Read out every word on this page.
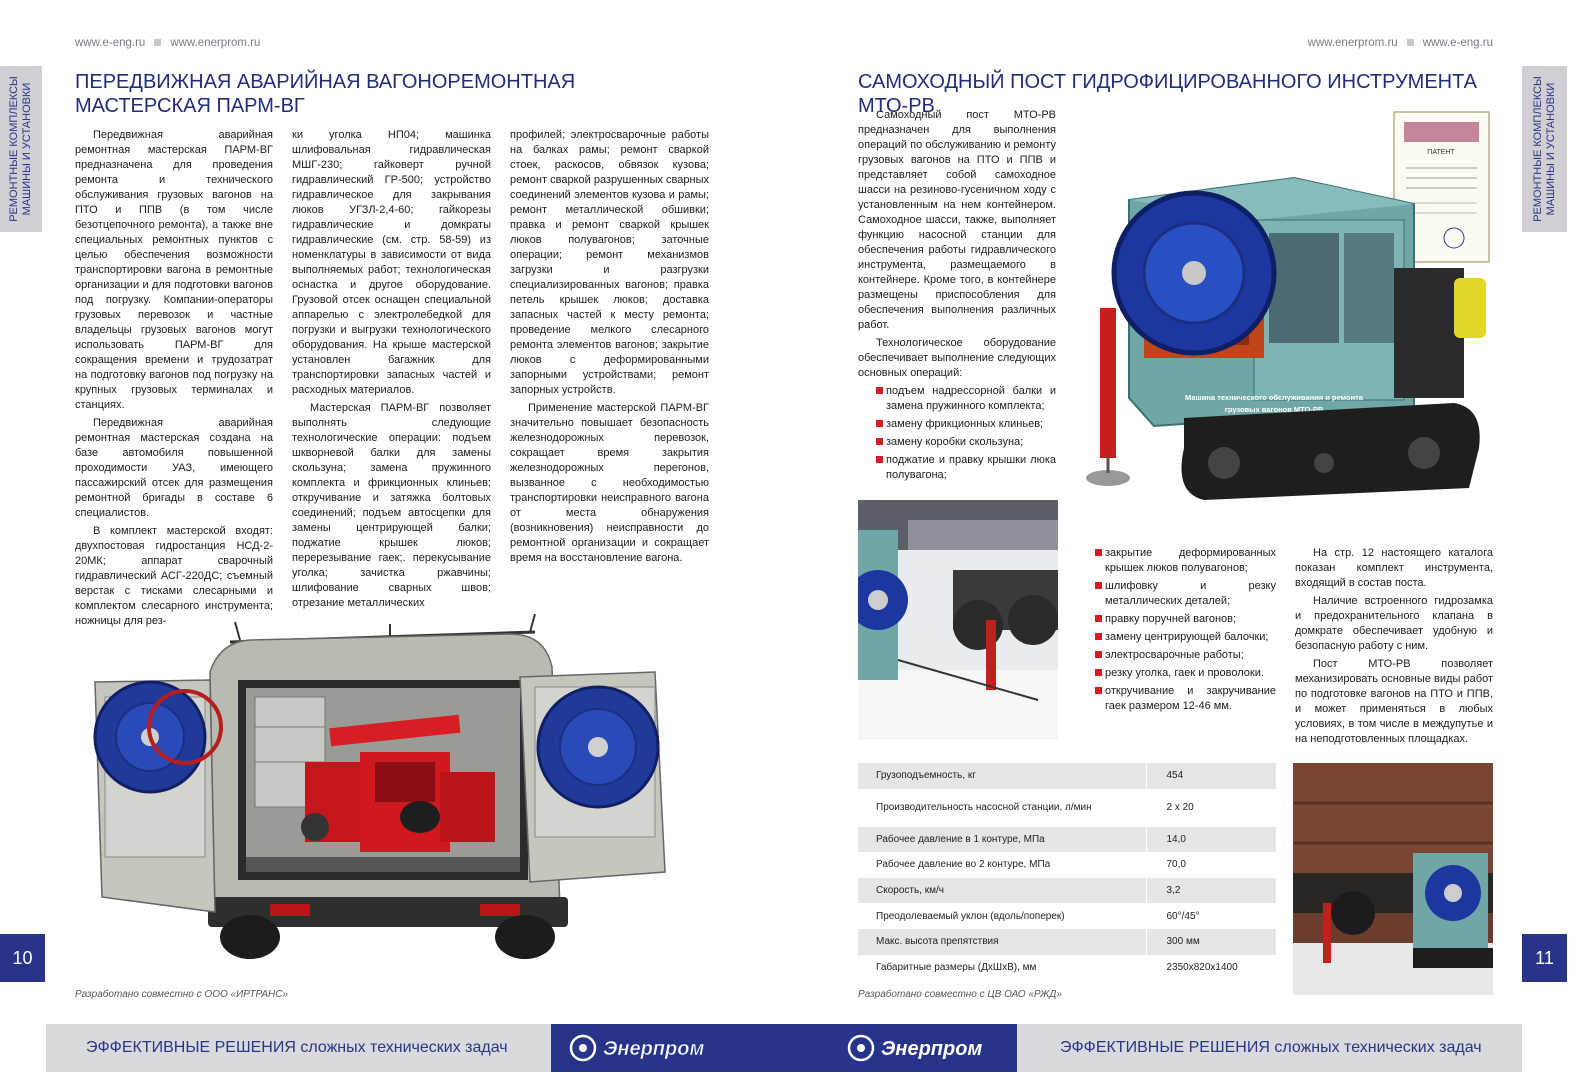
www.e-eng.ru www.enerprom.ru
РЕМОНТНЫЕ КОМПЛЕКСЫ МАШИНЫ И УСТАНОВКИ
ПЕРЕДВИЖНАЯ АВАРИЙНАЯ ВАГОНОРЕМОНТНАЯ
МАСТЕРСКАЯ ПАРМ-ВГ

Передвижная аварийная ремонтная мастерская ПАРМ-ВГ предназначена для проведения ремонта и технического обслуживания грузовых вагонов на ПТО и ППВ (в том числе безотцепочного ремонта), а также вне специальных ремонтных пунктов с целью обеспечения возможности транспортировки вагона в ремонтные организации и для подготовки вагонов под погрузку. Компании-операторы грузовых перевозок и частные владельцы грузовых вагонов могут использовать ПАРМ-ВГ для сокращения времени и трудозатрат на подготовку вагонов под погрузку на крупных грузовых терминалах и станциях.

Передвижная аварийная ремонтная мастерская создана на базе автомобиля повышенной проходимости УАЗ, имеющего пассажирский отсек для размещения ремонтной бригады в составе 6 специалистов.

В комплект мастерской входят: двухпостовая гидростанция НСД-2-20МК; аппарат сварочный гидравлический АСГ-220ДС; съемный верстак с тисками слесарными и комплектом слесарного инструмента; ножницы для рез-

ки уголка НП04; машинка шлифовальная гидравлическая МШГ-230; гайковерт ручной гидравлический ГР-500; устройство гидравлическое для закрывания люков УГЗЛ-2,4-60; гайкорезы гидравлические и домкраты гидравлические (см. стр. 58-59) из номенклатуры в зависимости от вида выполняемых работ; технологическая оснастка и другое оборудование. Грузовой отсек оснащен специальной аппарелью с электролебедкой для погрузки и выгрузки технологического оборудования. На крыше мастерской установлен багажник для транспортировки запасных частей и расходных материалов.

Мастерская ПАРМ-ВГ позволяет выполнять следующие технологические операции: подъем шкворневой балки для замены скользуна; замена пружинного комплекта и фрикционных клиньев; откручивание и затяжка болтовых соединений; подъем автосцепки для замены центрирующей балки; поджатие крышек люков; перерезывание гаек;. перекусывание уголка; зачистка ржавчины; шлифование сварных швов; отрезание металлических

профилей; электросварочные работы на балках рамы; ремонт сваркой стоек, раскосов, обвязок кузова; ремонт сваркой разрушенных сварных соединений элементов кузова и рамы; ремонт металлической обшивки; правка и ремонт сваркой крышек люков полувагонов; заточные операции; ремонт механизмов загрузки и разгрузки специализированных вагонов; правка петель крышек люков; доставка запасных частей к месту ремонта; проведение мелкого слесарного ремонта элементов вагонов; закрытие люков с деформированными запорными устройствами; ремонт запорных устройств.

Применение мастерской ПАРМ-ВГ значительно повышает безопасность железнодорожных перевозок, сокращает время закрытия железнодорожных перегонов, вызванное с необходимостью транспортировки неисправного вагона от места обнаружения (возникновения) неисправности до ремонтной организации и сокращает время на восстановление вагона.

Разработано совместно с ООО «ИРТРАНС»
10
www.enerprom.ru www.e-eng.ru
РЕМОНТНЫЕ КОМПЛЕКСЫ МАШИНЫ И УСТАНОВКИ
САМОХОДНЫЙ ПОСТ ГИДРОФИЦИРОВАННОГО ИНСТРУМЕНТА МТО-РВ

Самоходный пост МТО-РВ предназначен для выполнения операций по обслуживанию и ремонту грузовых вагонов на ПТО и ППВ и представляет собой самоходное шасси на резиново-гусеничном ходу с установленным на нем контейнером. Самоходное шасси, также, выполняет функцию насосной станции для обеспечения работы гидравлического инструмента, размещаемого в контейнере. Кроме того, в контейнере размещены приспособления для обеспечения выполнения различных работ.

Технологическое оборудование обеспечивает выполнение следующих основных операций:

подъем надрессорной балки и замена пружинного комплекта;
замену фрикционных клиньев;
замену коробки скользуна;
поджатие и правку крышки люка полувагона;
ПАТЕНТ
Машина технического обслуживания и ремонта
грузовых вагонов МТО-РВ
закрытие деформированных крышек люков полувагонов;
шлифовку и резку металлических деталей;
правку поручней вагонов;
замену центрирующей балочки;
электросварочные работы;
резку уголка, гаек и проволоки.
откручивание и закручивание гаек размером 12-46 мм.

На стр. 12 настоящего каталога показан комплект инструмента, входящий в состав поста.

Наличие встроенного гидрозамка и предохранительного клапана в домкрате обеспечивает удобную и безопасную работу с ним.

Пост МТО-РВ позволяет механизировать основные виды работ по подготовке вагонов на ПТО и ППВ, и может применяться в любых условиях, в том числе в междупутье и на неподготовленных площадках.

Грузоподъемность, кг	454
Производительность насосной станции, л/мин	2 х 20
Рабочее давление в 1 контуре, МПа	14,0
Рабочее давление во 2 контуре, МПа	70,0
Скорость, км/ч	3,2
Преодолеваемый уклон (вдоль/поперек)	60°/45°
Макс. высота препятствия	300 мм
Габаритные размеры (ДхШхВ), мм	2350х820х1400
Разработано совместно с ЦВ ОАО «РЖД»
11
ЭФФЕКТИВНЫЕ РЕШЕНИЯ сложных технических задач	Энерпром	Энерпром	ЭФФЕКТИВНЫЕ РЕШЕНИЯ сложных технических задач
